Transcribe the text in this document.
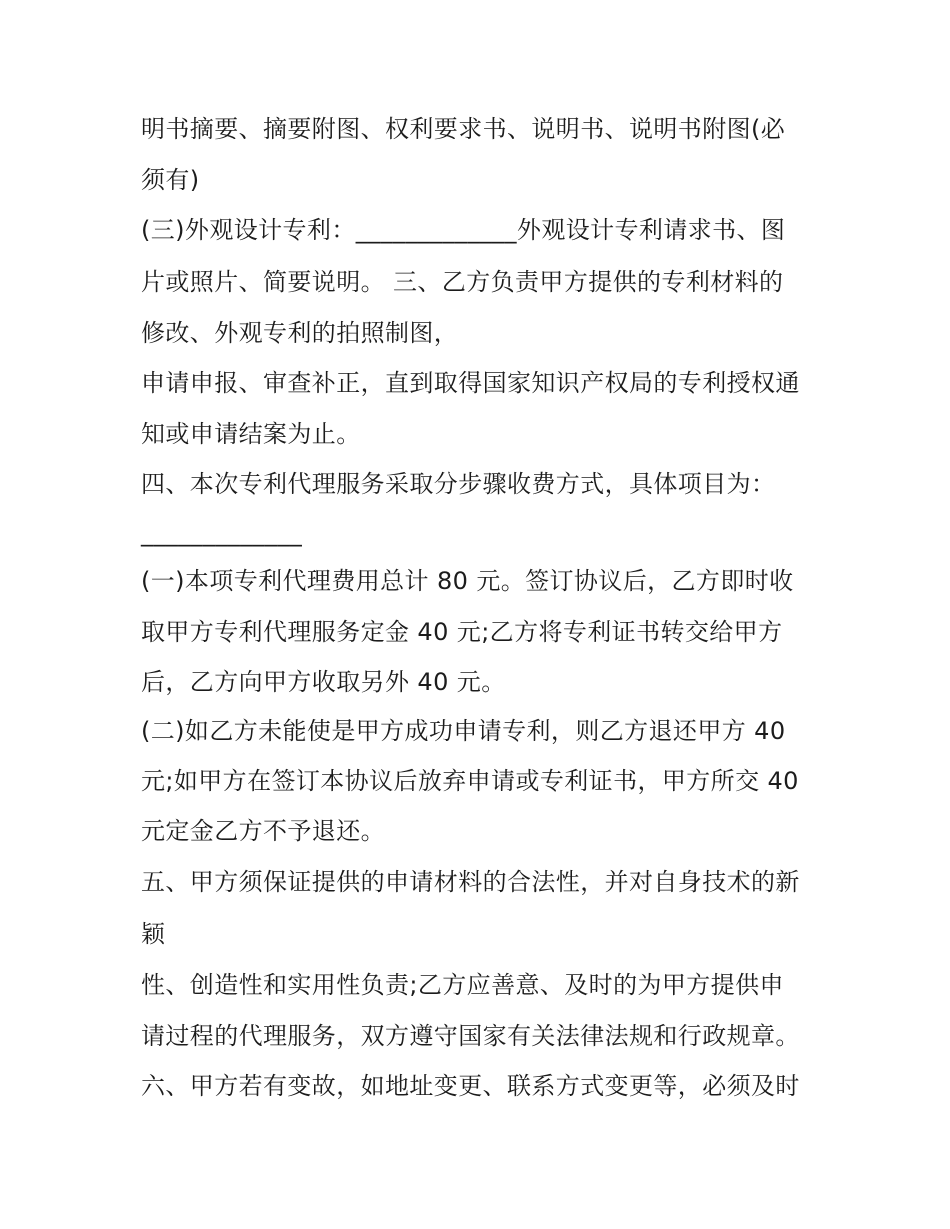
明书摘要、摘要附图、权利要求书、说明书、说明书附图(必

须有)

(三)外观设计专利：_____________外观设计专利请求书、图

片或照片、简要说明。 三、乙方负责甲方提供的专利材料的

修改、外观专利的拍照制图，

申请申报、审查补正，直到取得国家知识产权局的专利授权通

知或申请结案为止。

四、本次专利代理服务采取分步骤收费方式，具体项目为：

_____________

(一)本项专利代理费用总计 80 元。签订协议后，乙方即时收

取甲方专利代理服务定金 40 元;乙方将专利证书转交给甲方

后，乙方向甲方收取另外 40 元。

(二)如乙方未能使是甲方成功申请专利，则乙方退还甲方 40

元;如甲方在签订本协议后放弃申请或专利证书，甲方所交 40

元定金乙方不予退还。

五、甲方须保证提供的申请材料的合法性，并对自身技术的新

颖

性、创造性和实用性负责;乙方应善意、及时的为甲方提供申

请过程的代理服务，双方遵守国家有关法律法规和行政规章。

六、甲方若有变故，如地址变更、联系方式变更等，必须及时
